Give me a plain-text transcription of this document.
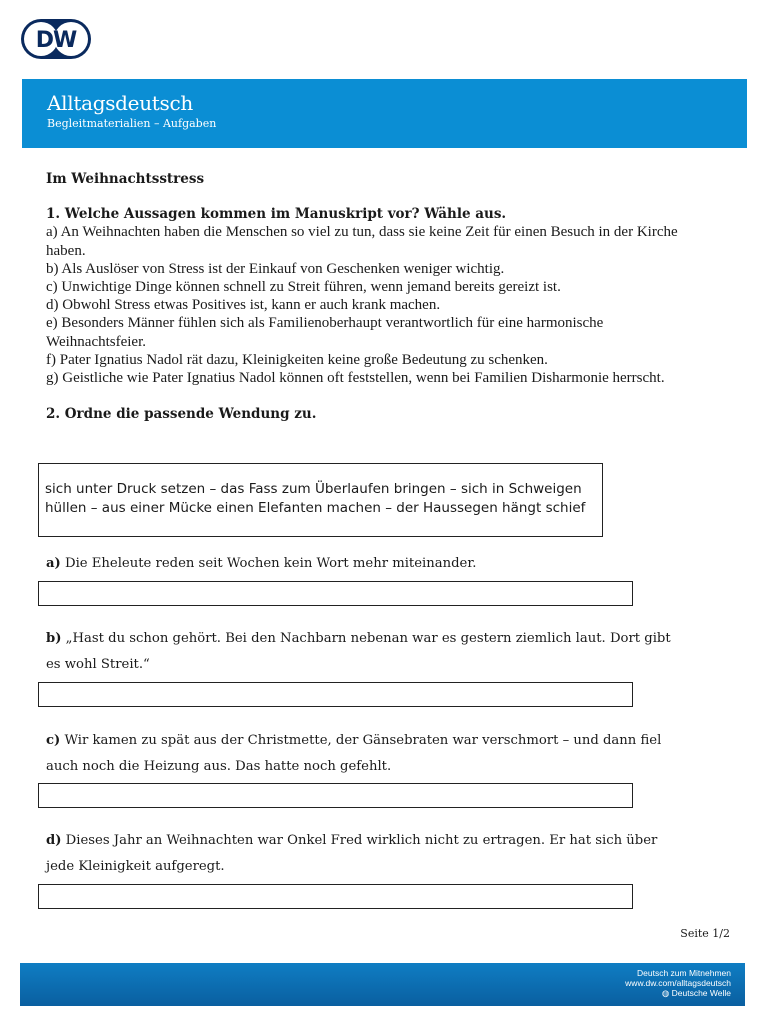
DW
Alltagsdeutsch
Begleitmaterialien – Aufgaben
Im Weihnachtsstress
1. Welche Aussagen kommen im Manuskript vor? Wähle aus.
a) An Weihnachten haben die Menschen so viel zu tun, dass sie keine Zeit für einen Besuch in der Kirche haben.
b) Als Auslöser von Stress ist der Einkauf von Geschenken weniger wichtig.
c) Unwichtige Dinge können schnell zu Streit führen, wenn jemand bereits gereizt ist.
d) Obwohl Stress etwas Positives ist, kann er auch krank machen.
e) Besonders Männer fühlen sich als Familienoberhaupt verantwortlich für eine harmonische Weihnachtsfeier.
f) Pater Ignatius Nadol rät dazu, Kleinigkeiten keine große Bedeutung zu schenken.
g) Geistliche wie Pater Ignatius Nadol können oft feststellen, wenn bei Familien Disharmonie herrscht.
2. Ordne die passende Wendung zu.
sich unter Druck setzen – das Fass zum Überlaufen bringen – sich in Schweigen hüllen – aus einer Mücke einen Elefanten machen – der Haussegen hängt schief
a) Die Eheleute reden seit Wochen kein Wort mehr miteinander.
b) „Hast du schon gehört. Bei den Nachbarn nebenan war es gestern ziemlich laut. Dort gibt es wohl Streit.“
c) Wir kamen zu spät aus der Christmette, der Gänsebraten war verschmort – und dann fiel auch noch die Heizung aus. Das hatte noch gefehlt.
d) Dieses Jahr an Weihnachten war Onkel Fred wirklich nicht zu ertragen. Er hat sich über jede Kleinigkeit aufgeregt.
Seite 1/2
Deutsch zum Mitnehmen
www.dw.com/alltagsdeutsch
◍ Deutsche Welle
